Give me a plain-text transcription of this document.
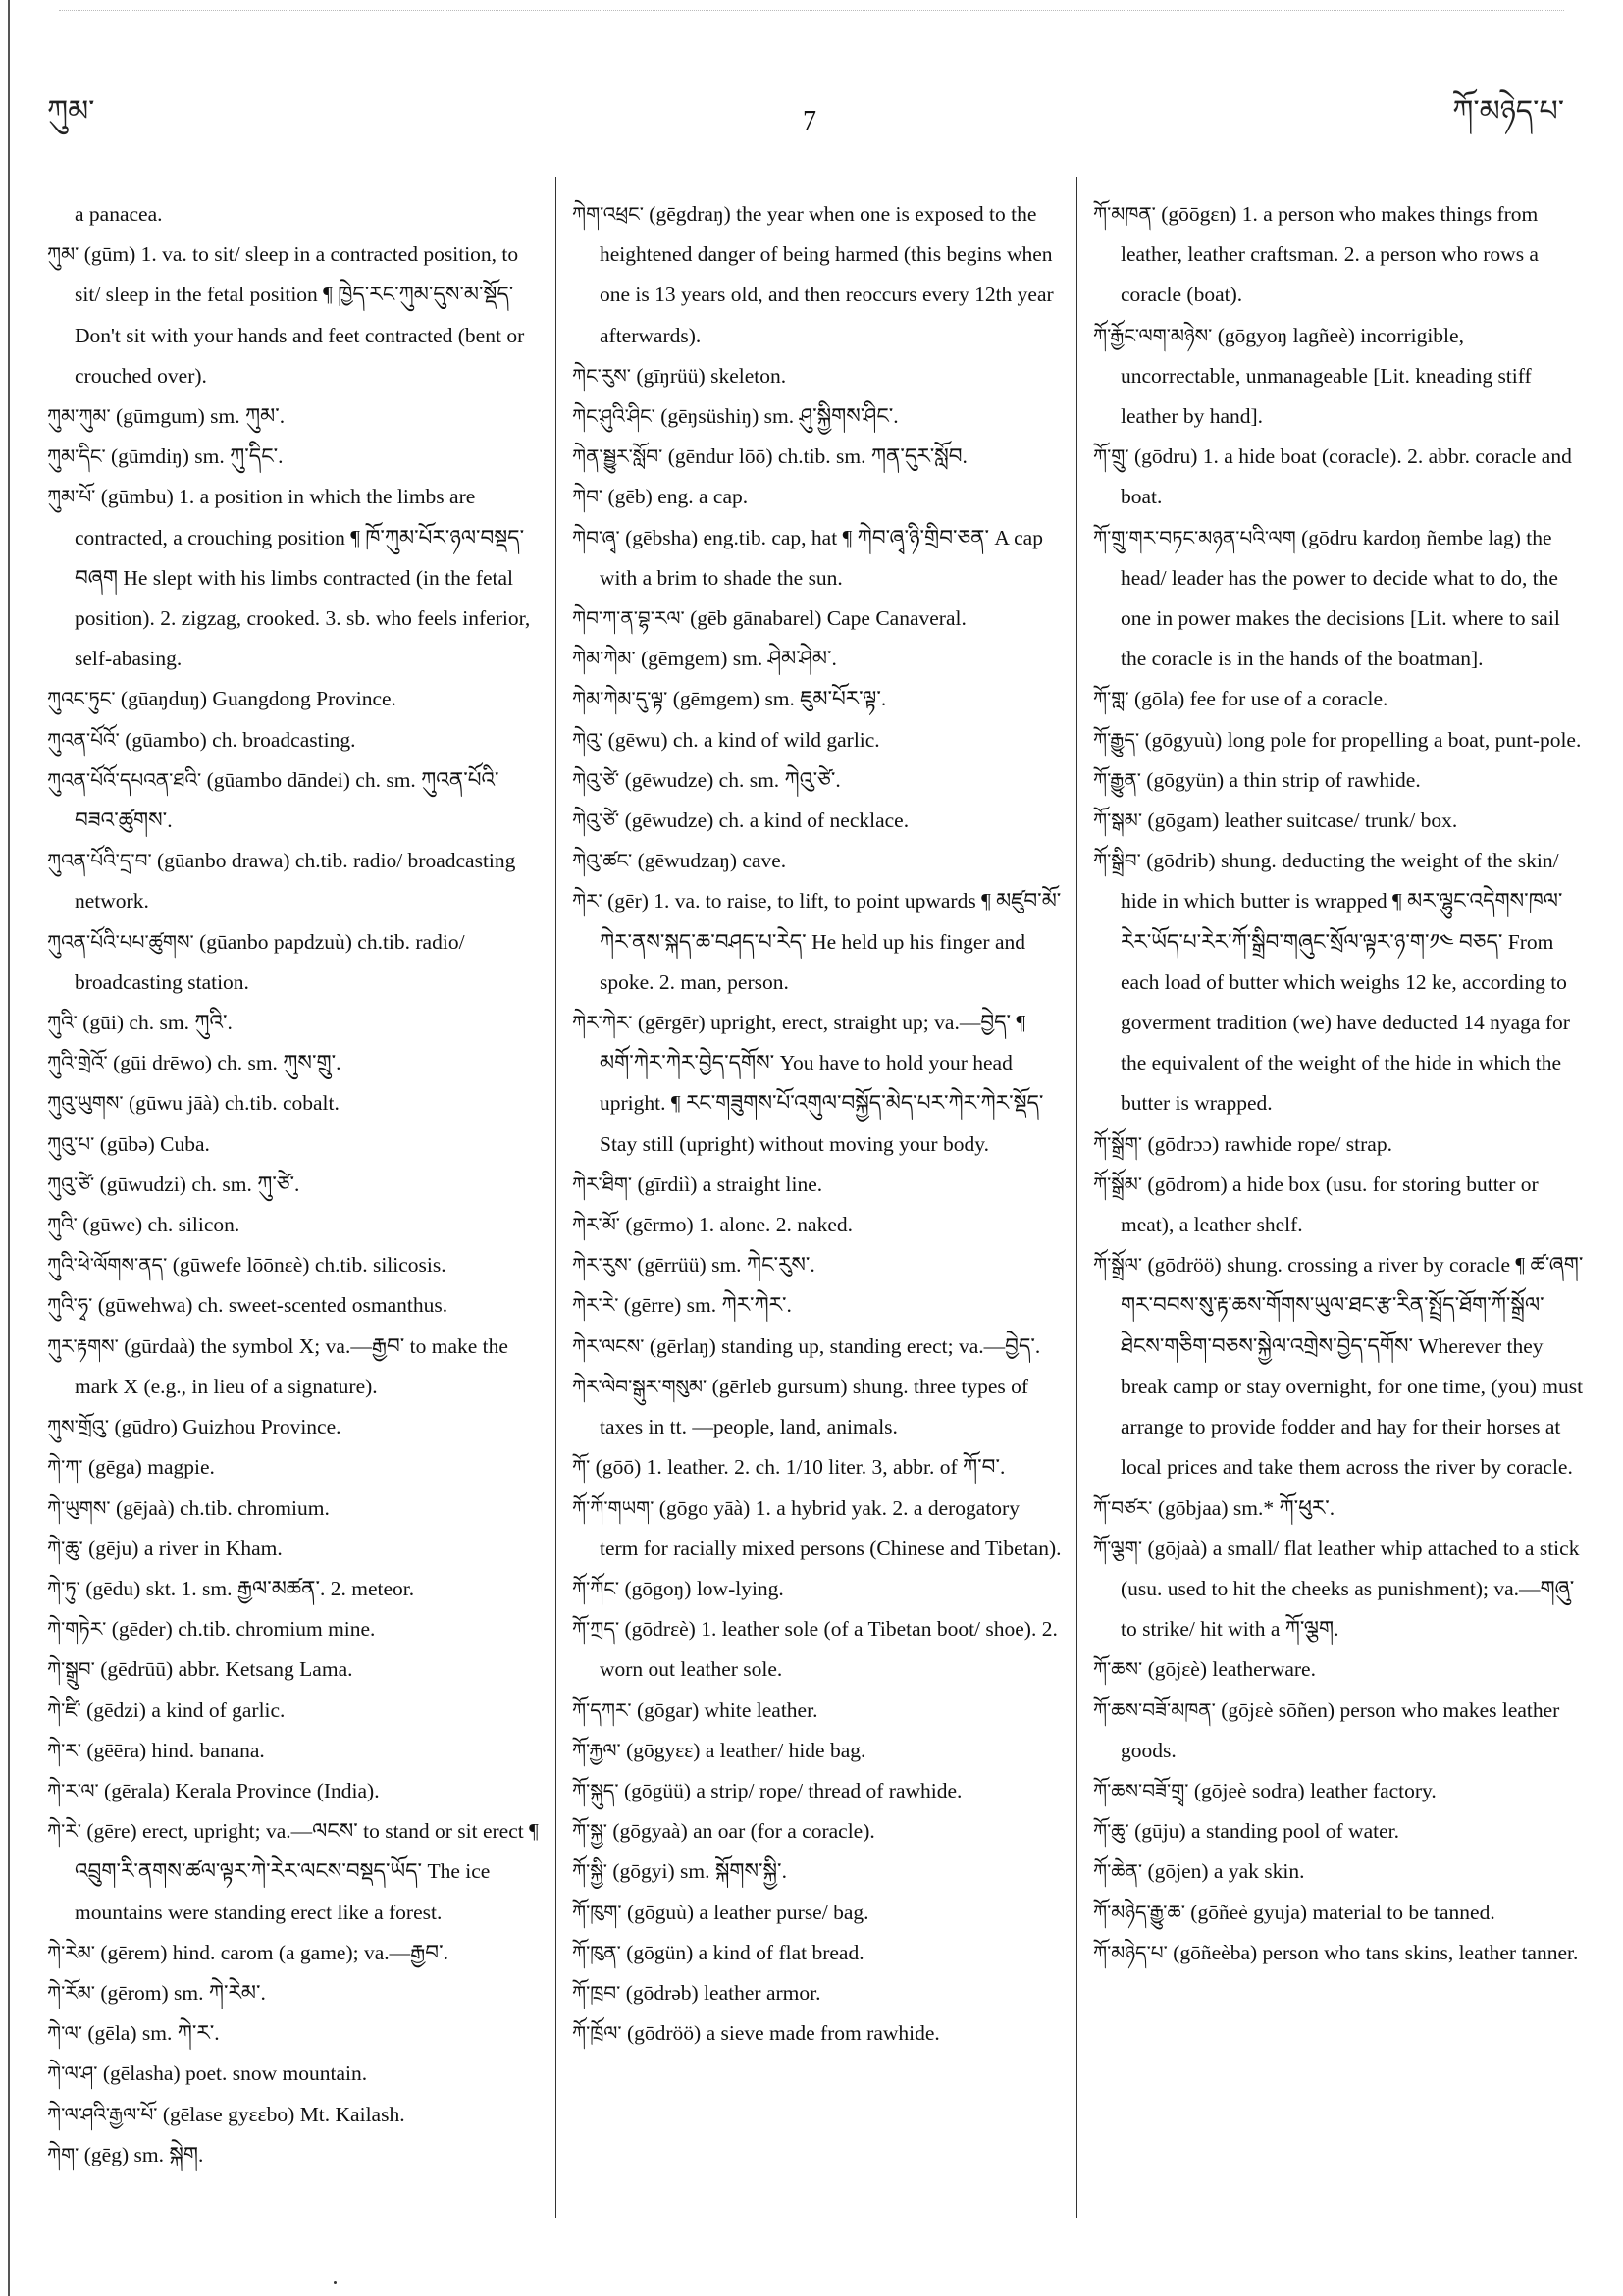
ཀུམ་	7	ཀོ་མཉེད་པ་

a panacea.

ཀུམ་ (gūm) 1. va. to sit/ sleep in a contracted position, to sit/ sleep in the fetal position ¶ ཁྱེད་རང་ཀུམ་དུས་མ་སྡོད་ Don't sit with your hands and feet contracted (bent or crouched over).

ཀུམ་ཀུམ་ (gūmgum) sm. ཀུམ་.

ཀུམ་དིང་ (gūmdiŋ) sm. ཀུ་དིང་.

ཀུམ་པོ་ (gūmbu) 1. a position in which the limbs are contracted, a crouching position ¶ ཁོ་ཀུམ་པོར་ཉལ་བསྡད་བཞག He slept with his limbs contracted (in the fetal position). 2. zigzag, crooked. 3. sb. who feels inferior, self-abasing.

ཀུའང་ཏུང་ (gūaŋduŋ) Guangdong Province.

ཀུའན་པོའོ་ (gūambo) ch. broadcasting.

ཀུའན་པོའོ་དཔའན་ཐའི་ (gūambo dāndei) ch. sm. ཀུའན་པོའི་བཟའ་ཚུགས་.

ཀུའན་པོའི་དྲ་བ་ (gūanbo drawa) ch.tib. radio/ broadcasting network.

ཀུའན་པོའི་པཔ་ཚུགས་ (gūanbo papdzuù) ch.tib. radio/ broadcasting station.

ཀུའི་ (gūi) ch. sm. ཀུའི་.

ཀུའི་གྲེའོ་ (gūi drēwo) ch. sm. ཀུས་གྲུ་.

ཀུའུ་ཡུགས་ (gūwu jāà) ch.tib. cobalt.

ཀུའུ་པ་ (gūbə) Cuba.

ཀུའུ་ཙེ་ (gūwudzi) ch. sm. ཀུ་ཙེ་.

ཀུའི་ (gūwe) ch. silicon.

ཀུའི་ཕེ་ལོགས་ནད་ (gūwefe lōōnɛè) ch.tib. silicosis.

ཀུའི་ཧྭ་ (gūwehwa) ch. sweet-scented osmanthus.

ཀུར་རྟགས་ (gūrdaà) the symbol X; va.—རྒྱབ་ to make the mark X (e.g., in lieu of a signature).

ཀུས་གྲོའུ་ (gūdro) Guizhou Province.

ཀེ་ཀ་ (gēga) magpie.

ཀེ་ཡུགས་ (gējaà) ch.tib. chromium.

ཀེ་ཆུ་ (gēju) a river in Kham.

ཀེ་ཏུ་ (gēdu) skt. 1. sm. རྒྱལ་མཚན་. 2. meteor.

ཀེ་གཏེར་ (gēder) ch.tib. chromium mine.

ཀེ་སྒྲུབ་ (gēdrūū) abbr. Ketsang Lama.

ཀེ་ཛི་ (gēdzi) a kind of garlic.

ཀེ་ར་ (gēēra) hind. banana.

ཀེ་ར་ལ་ (gērala) Kerala Province (India).

ཀེ་རེ་ (gēre) erect, upright; va.—ལངས་ to stand or sit erect ¶ འབྲུག་རི་ནགས་ཚལ་ལྟར་ཀེ་རེར་ལངས་བསྡད་ཡོད་ The ice mountains were standing erect like a forest.

ཀེ་རེམ་ (gērem) hind. carom (a game); va.—རྒྱབ་.

ཀེ་རོམ་ (gērom) sm. ཀེ་རེམ་.

ཀེ་ལ་ (gēla) sm. ཀེ་ར་.

ཀེ་ལ་ཤ་ (gēlasha) poet. snow mountain.

ཀེ་ལ་ཤའི་རྒྱལ་པོ་ (gēlase gyɛɛbo) Mt. Kailash.

ཀེག་ (gēg) sm. སྐེག.

ཀེག་འཕྲང་ (gēgdraŋ) the year when one is exposed to the heightened danger of being harmed (this begins when one is 13 years old, and then reoccurs every 12th year afterwards).

ཀེང་རུས་ (gīŋrüü) skeleton.

ཀེང་ཤུའི་ཤིང་ (gēŋsüshiŋ) sm. ཤུ་སྐྱིགས་ཤིང་.

ཀེན་སྦྱུར་སློབ་ (gēndur lōō) ch.tib. sm. ཀན་དུར་སློབ.

ཀེབ་ (gēb) eng. a cap.

ཀེབ་ཞྭ་ (gēbsha) eng.tib. cap, hat ¶ ཀེབ་ཞྭ་ཉི་གྲིབ་ཅན་ A cap with a brim to shade the sun.

ཀེབ་ཀ་ན་བྷ་རལ་ (gēb gānabarel) Cape Canaveral.

ཀེམ་ཀེམ་ (gēmgem) sm. ཤེམ་ཤེམ་.

ཀེམ་ཀེམ་དུ་ལྟ་ (gēmgem) sm. ཇུམ་པོར་ལྟ་.

ཀེའུ་ (gēwu) ch. a kind of wild garlic.

ཀེའུ་ཙེ་ (gēwudze) ch. sm. ཀེའུ་ཙེ་.

ཀེའུ་ཙེ་ (gēwudze) ch. a kind of necklace.

ཀེའུ་ཚང་ (gēwudzaŋ) cave.

ཀེར་ (gēr) 1. va. to raise, to lift, to point upwards ¶ མཛུབ་མོ་ཀེར་ནས་སྐད་ཆ་བཤད་པ་རེད་ He held up his finger and spoke. 2. man, person.

ཀེར་ཀེར་ (gērgēr) upright, erect, straight up; va.—བྱེད་ ¶ མགོ་ཀེར་ཀེར་བྱེད་དགོས་ You have to hold your head upright. ¶ རང་གཟུགས་པོ་འགུལ་བསྐྱོད་མེད་པར་ཀེར་ཀེར་སྡོད་ Stay still (upright) without moving your body.

ཀེར་ཐིག་ (gīrdiì) a straight line.

ཀེར་མོ་ (gērmo) 1. alone. 2. naked.

ཀེར་རུས་ (gērrüü) sm. ཀེང་རུས་.

ཀེར་རེ་ (gērre) sm. ཀེར་ཀེར་.

ཀེར་ལངས་ (gērlaŋ) standing up, standing erect; va.—བྱེད་.

ཀེར་ལེབ་སྒུར་གསུམ་ (gērleb gursum) shung. three types of taxes in tt. —people, land, animals.

ཀོ་ (gōō) 1. leather. 2. ch. 1/10 liter. 3, abbr. of ཀོ་བ་.

ཀོ་ཀོ་གཡག་ (gōgo yāà) 1. a hybrid yak. 2. a derogatory term for racially mixed persons (Chinese and Tibetan).

ཀོ་ཀོང་ (gōgoŋ) low-lying.

ཀོ་ཀྲད་ (gōdrɛè) 1. leather sole (of a Tibetan boot/ shoe). 2. worn out leather sole.

ཀོ་དཀར་ (gōgar) white leather.

ཀོ་རྐྱལ་ (gōgyɛɛ) a leather/ hide bag.

ཀོ་སྐུད་ (gōgüü) a strip/ rope/ thread of rawhide.

ཀོ་སྐྱ་ (gōgyaà) an oar (for a coracle).

ཀོ་སྐྱི་ (gōgyi) sm. སྐོགས་སྐྱི་.

ཀོ་ཁུག་ (gōguù) a leather purse/ bag.

ཀོ་ཁུན་ (gōgün) a kind of flat bread.

ཀོ་ཁྲབ་ (gōdrəb) leather armor.

ཀོ་ཁྲོལ་ (gōdröö) a sieve made from rawhide.

ཀོ་མཁན་ (gōōgɛn) 1. a person who makes things from leather, leather craftsman. 2. a person who rows a coracle (boat).

ཀོ་རྒྱོང་ལག་མཉེས་ (gōgyoŋ lagñeè) incorrigible, uncorrectable, unmanageable [Lit. kneading stiff leather by hand].

ཀོ་གྲུ་ (gōdru) 1. a hide boat (coracle). 2. abbr. coracle and boat.

ཀོ་གྲུ་གར་བཏང་མཉན་པའི་ལག (gōdru kardoŋ ñembe lag) the head/ leader has the power to decide what to do, the one in power makes the decisions [Lit. where to sail the coracle is in the hands of the boatman].

ཀོ་གླ་ (gōla) fee for use of a coracle.

ཀོ་རྒྱུད་ (gōgyuù) long pole for propelling a boat, punt-pole.

ཀོ་རྒྱུན་ (gōgyün) a thin strip of rawhide.

ཀོ་སྒམ་ (gōgam) leather suitcase/ trunk/ box.

ཀོ་སྒྲིབ་ (gōdrib) shung. deducting the weight of the skin/ hide in which butter is wrapped ¶ མར་ལྷུང་འདེགས་ཁལ་རེར་ཡོད་པ་རེར་ཀོ་སྒྲིབ་གཞུང་སྲོལ་ལྟར་ཉ་ག་༡༤ བཅད་ From each load of butter which weighs 12 ke, according to goverment tradition (we) have deducted 14 nyaga for the equivalent of the weight of the hide in which the butter is wrapped.

ཀོ་སྒྲོག་ (gōdrɔɔ) rawhide rope/ strap.

ཀོ་སྒྲོམ་ (gōdrom) a hide box (usu. for storing butter or meat), a leather shelf.

ཀོ་སྒྲོལ་ (gōdröö) shung. crossing a river by coracle ¶ ཚ་ཞག་གར་བབས་སུ་རྟ་ཆས་གོགས་ཡུལ་ཐང་རྩ་རིན་སྤྲོད་ཐོག་ཀོ་སྒྲོལ་ཐེངས་གཅིག་བཅས་སྐྱེལ་འགྲེས་བྱེད་དགོས་ Wherever they break camp or stay overnight, for one time, (you) must arrange to provide fodder and hay for their horses at local prices and take them across the river by coracle.

ཀོ་བཙར་ (gōbjaa) sm.* ཀོ་ཕུར་.

ཀོ་ལྕག་ (gōjaà) a small/ flat leather whip attached to a stick (usu. used to hit the cheeks as punishment); va.—གཞུ་ to strike/ hit with a ཀོ་ལྕག.

ཀོ་ཆས་ (gōjɛè) leatherware.

ཀོ་ཆས་བཟོ་མཁན་ (gōjɛè sōñen) person who makes leather goods.

ཀོ་ཆས་བཟོ་གྲྭ་ (gōjeè sodra) leather factory.

ཀོ་ཆུ་ (gūju) a standing pool of water.

ཀོ་ཆེན་ (gōjen) a yak skin.

ཀོ་མཉེད་རྒྱུ་ཆ་ (gōñeè gyuja) material to be tanned.

ཀོ་མཉེད་པ་ (gōñeèba) person who tans skins, leather tanner.
